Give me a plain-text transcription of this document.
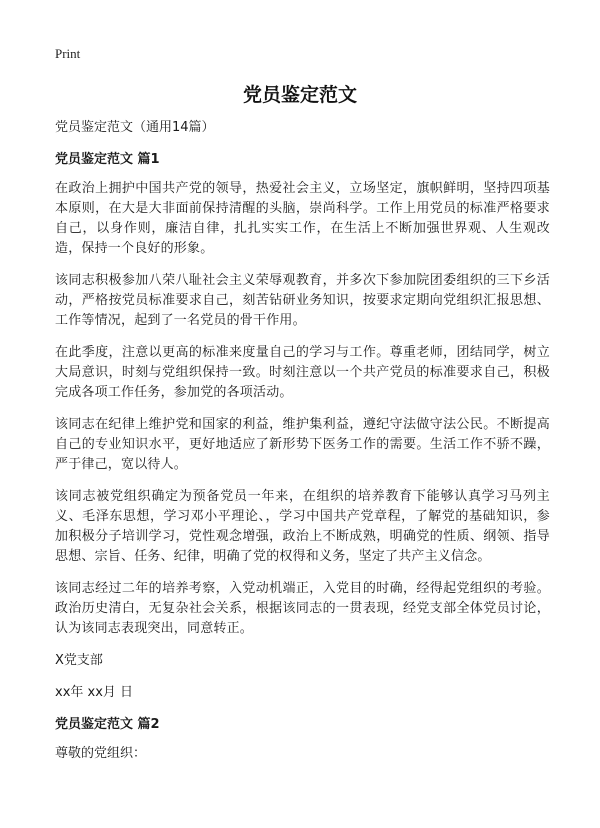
Print
党员鉴定范文

党员鉴定范文（通用14篇）

党员鉴定范文 篇1

在政治上拥护中国共产党的领导，热爱社会主义，立场坚定，旗帜鲜明，坚持四项基本原则，在大是大非面前保持清醒的头脑，崇尚科学。工作上用党员的标准严格要求自己，以身作则，廉洁自律，扎扎实实工作，在生活上不断加强世界观、人生观改造，保持一个良好的形象。

该同志积极参加八荣八耻社会主义荣辱观教育，并多次下参加院团委组织的三下乡活动，严格按党员标准要求自己，刻苦钻研业务知识，按要求定期向党组织汇报思想、工作等情况，起到了一名党员的骨干作用。

在此季度，注意以更高的标准来度量自己的学习与工作。尊重老师，团结同学，树立大局意识，时刻与党组织保持一致。时刻注意以一个共产党员的标准要求自己，积极完成各项工作任务，参加党的各项活动。

该同志在纪律上维护党和国家的利益，维护集利益，遵纪守法做守法公民。不断提高自己的专业知识水平，更好地适应了新形势下医务工作的需要。生活工作不骄不躁，严于律己，宽以待人。

该同志被党组织确定为预备党员一年来，在组织的培养教育下能够认真学习马列主义、毛泽东思想，学习邓小平理论、，学习中国共产党章程，了解党的基础知识，参加积极分子培训学习，党性观念增强，政治上不断成熟，明确党的性质、纲领、指导思想、宗旨、任务、纪律，明确了党的权得和义务，坚定了共产主义信念。

该同志经过二年的培养考察，入党动机端正，入党目的时确，经得起党组织的考验。政治历史清白，无复杂社会关系，根据该同志的一贯表现，经党支部全体党员讨论，认为该同志表现突出，同意转正。

X党支部

xx年 xx月 日

党员鉴定范文 篇2

尊敬的党组织：
